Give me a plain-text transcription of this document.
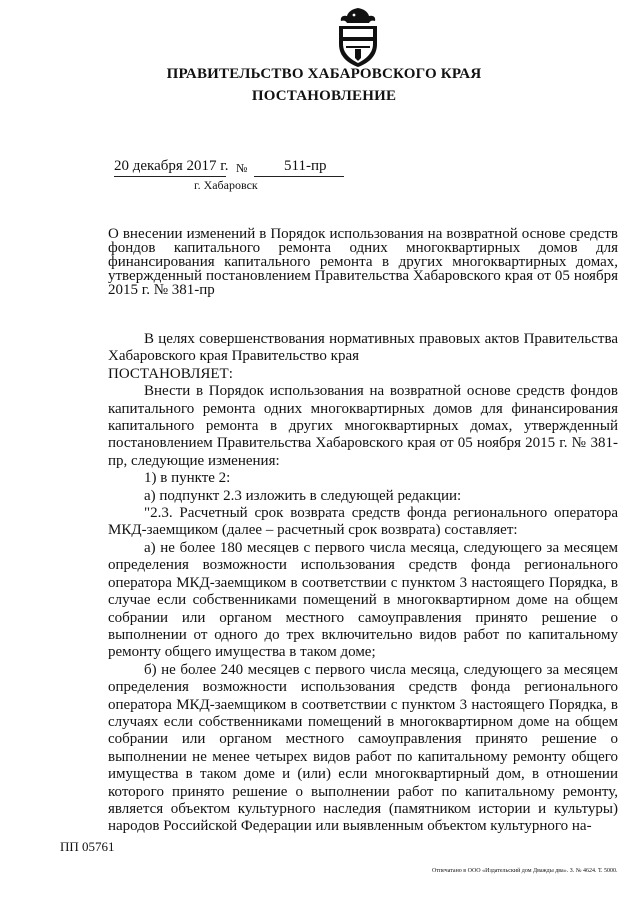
ПРАВИТЕЛЬСТВО ХАБАРОВСКОГО КРАЯ
ПОСТАНОВЛЕНИЕ
20 декабря 2017 г. № 511-пр
г. Хабаровск
О внесении изменений в Порядок использования на возвратной основе средств фондов капитального ремонта одних многоквартирных домов для финансирования капитального ремонта в других многоквартирных домах, утвержденный постановлением Правительства Хабаровского края от 05 ноября 2015 г. № 381-пр

В целях совершенствования нормативных правовых актов Правительства Хабаровского края Правительство края

ПОСТАНОВЛЯЕТ:

Внести в Порядок использования на возвратной основе средств фондов капитального ремонта одних многоквартирных домов для финансирования капитального ремонта в других многоквартирных домах, утвержденный постановлением Правительства Хабаровского края от 05 ноября 2015 г. № 381-пр, следующие изменения:

1) в пункте 2:

а) подпункт 2.3 изложить в следующей редакции:

"2.3. Расчетный срок возврата средств фонда регионального оператора МКД-заемщиком (далее – расчетный срок возврата) составляет:

а) не более 180 месяцев с первого числа месяца, следующего за месяцем определения возможности использования средств фонда регионального оператора МКД-заемщиком в соответствии с пунктом 3 настоящего Порядка, в случае если собственниками помещений в многоквартирном доме на общем собрании или органом местного самоуправления принято решение о выполнении от одного до трех включительно видов работ по капитальному ремонту общего имущества в таком доме;

б) не более 240 месяцев с первого числа месяца, следующего за месяцем определения возможности использования средств фонда регионального оператора МКД-заемщиком в соответствии с пунктом 3 настоящего Порядка, в случаях если собственниками помещений в многоквартирном доме на общем собрании или органом местного самоуправления принято решение о выполнении не менее четырех видов работ по капитальному ремонту общего имущества в таком доме и (или) если многоквартирный дом, в отношении которого принято решение о выполнении работ по капитальному ремонту, является объектом культурного наследия (памятником истории и культуры) народов Российской Федерации или выявленным объектом культурного на-

ПП 05761
Отпечатано в ООО «Издательский дом Дважды два». З. № 4624. Т. 5000.
